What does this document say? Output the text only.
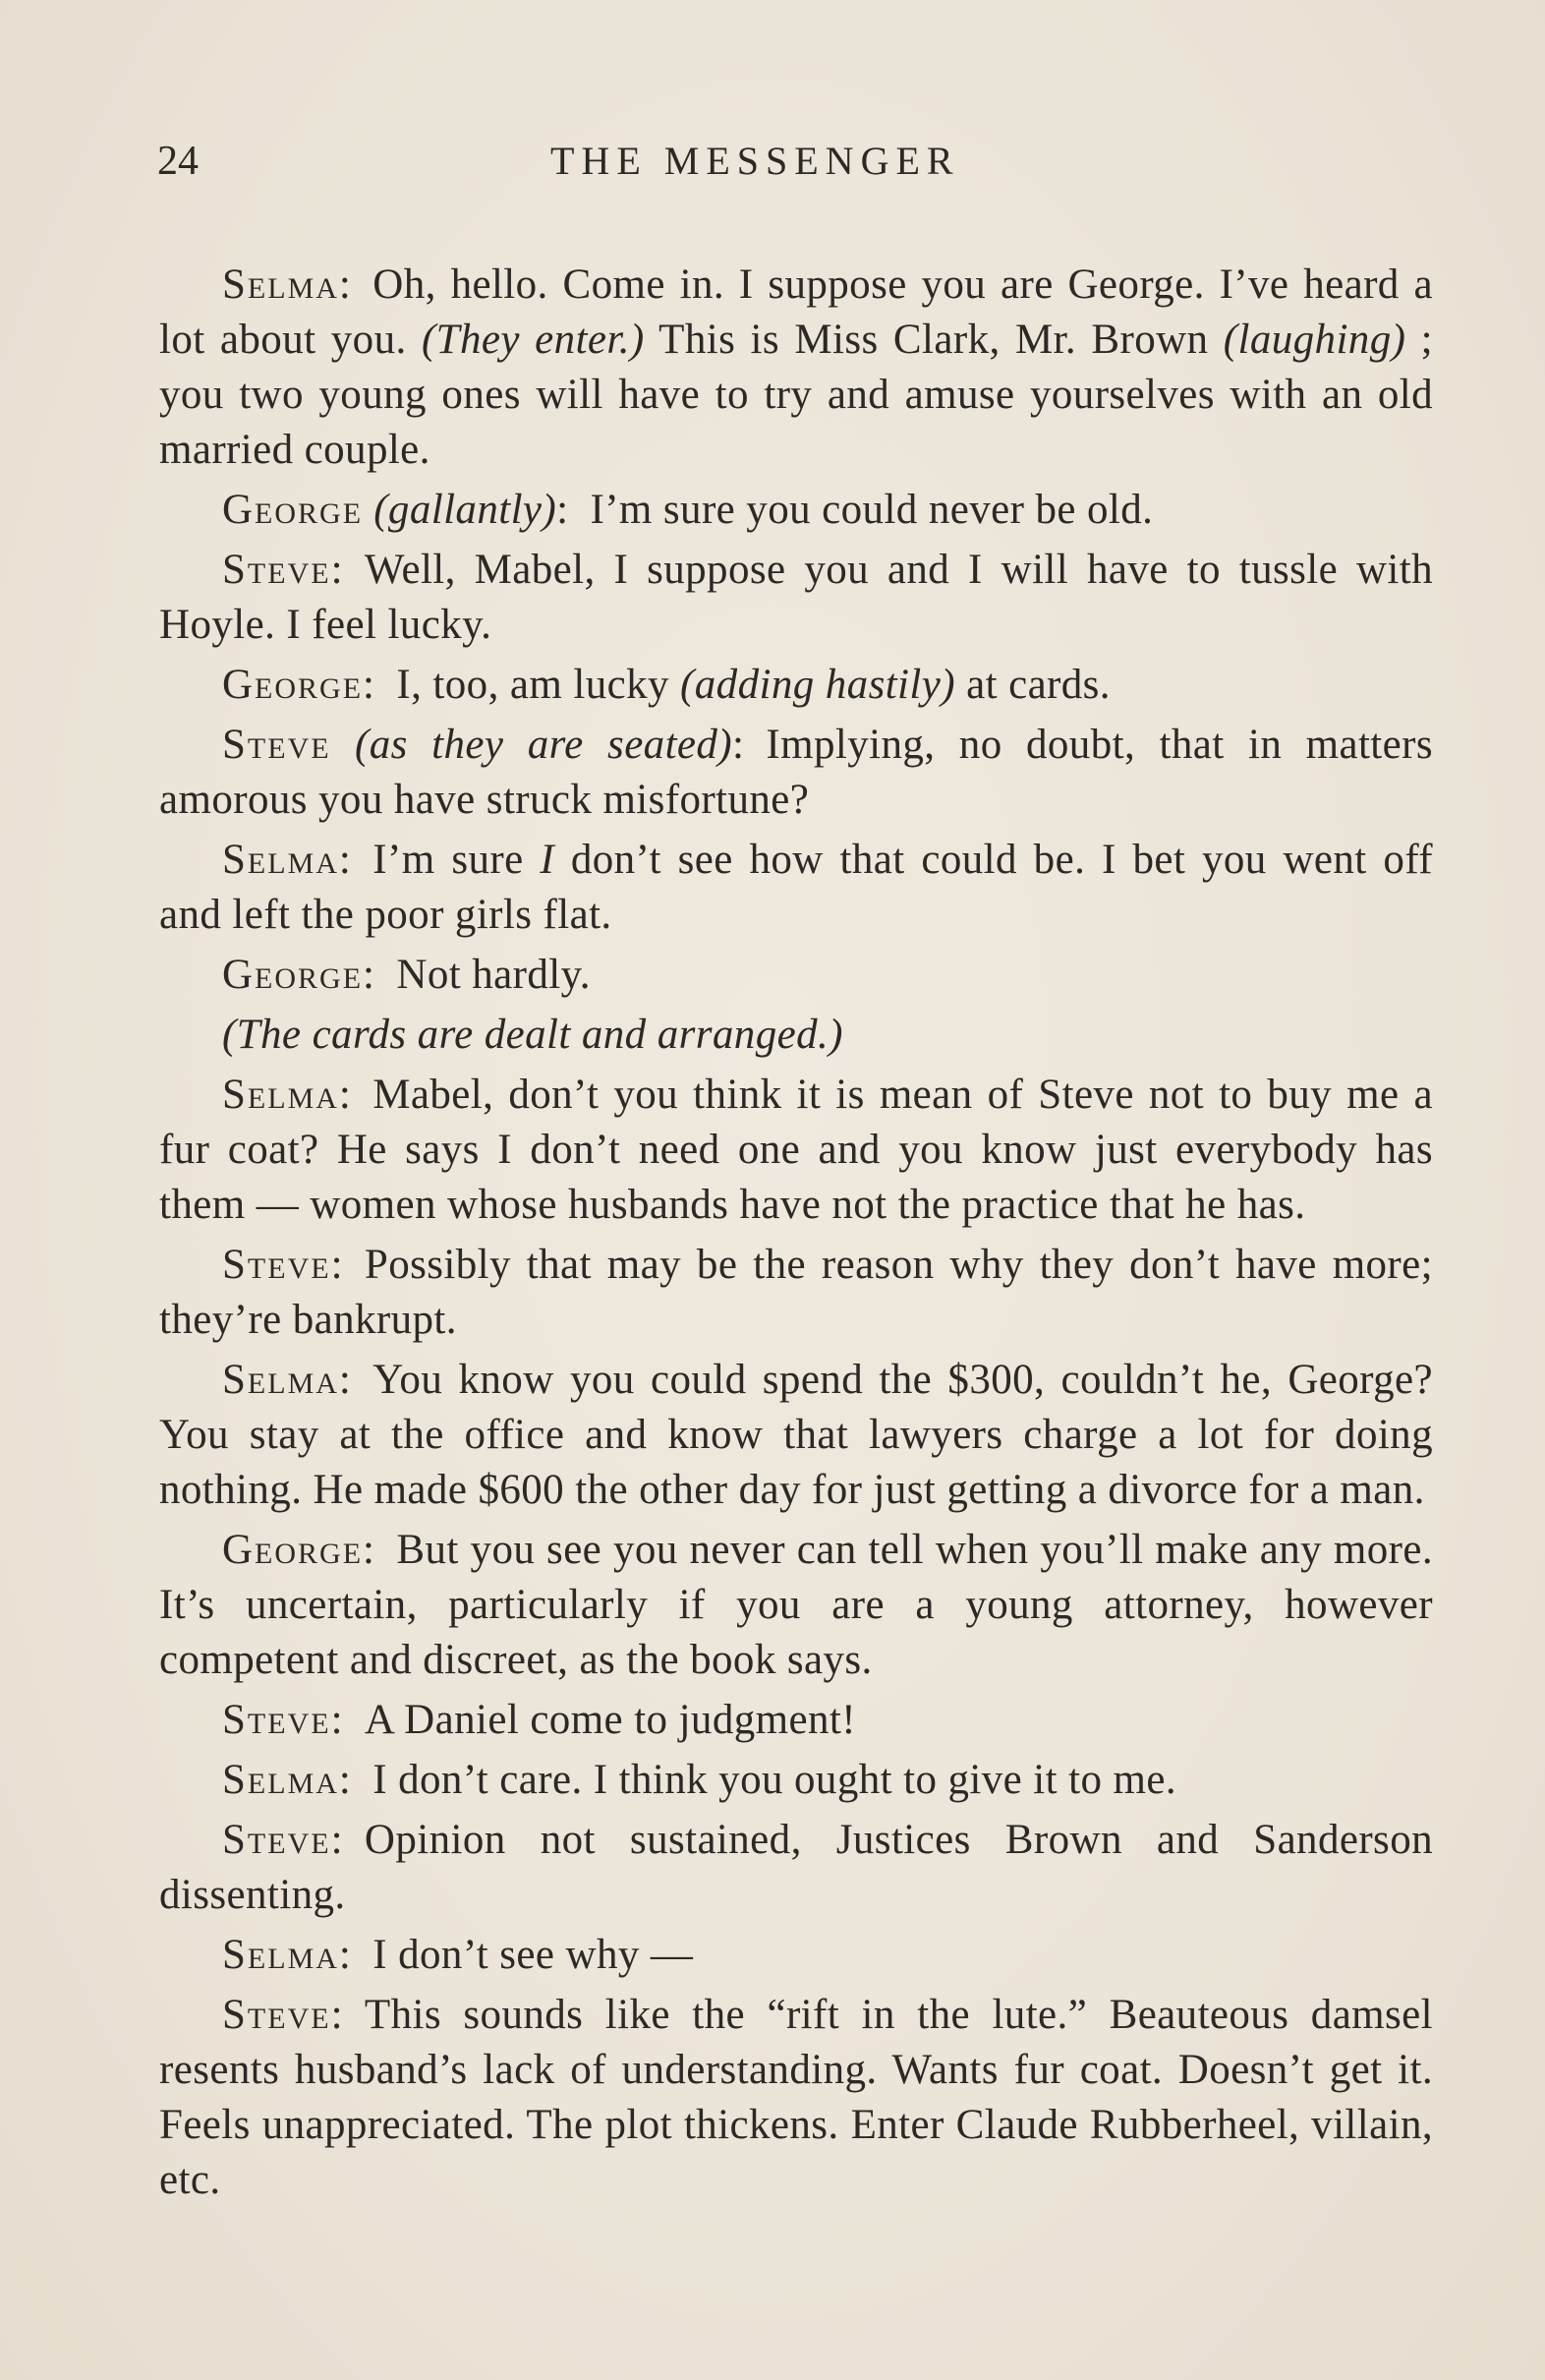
24	THE MESSENGER

Selma: Oh, hello. Come in. I suppose you are George. I’ve heard a lot about you. (They enter.) This is Miss Clark, Mr. Brown (laughing) ; you two young ones will have to try and amuse yourselves with an old married couple.

George (gallantly): I’m sure you could never be old.

Steve: Well, Mabel, I suppose you and I will have to tussle with Hoyle. I feel lucky.

George: I, too, am lucky (adding hastily) at cards.

Steve (as they are seated): Implying, no doubt, that in matters amorous you have struck misfortune?

Selma: I’m sure I don’t see how that could be. I bet you went off and left the poor girls flat.

George: Not hardly.

(The cards are dealt and arranged.)

Selma: Mabel, don’t you think it is mean of Steve not to buy me a fur coat? He says I don’t need one and you know just everybody has them — women whose husbands have not the practice that he has.

Steve: Possibly that may be the reason why they don’t have more; they’re bankrupt.

Selma: You know you could spend the $300, couldn’t he, George? You stay at the office and know that lawyers charge a lot for doing nothing. He made $600 the other day for just getting a divorce for a man.

George: But you see you never can tell when you’ll make any more. It’s uncertain, particularly if you are a young attorney, however competent and discreet, as the book says.

Steve: A Daniel come to judgment!

Selma: I don’t care. I think you ought to give it to me.

Steve: Opinion not sustained, Justices Brown and Sanderson dissenting.

Selma: I don’t see why —

Steve: This sounds like the “rift in the lute.” Beauteous damsel resents husband’s lack of understanding. Wants fur coat. Doesn’t get it. Feels unappreciated. The plot thickens. Enter Claude Rubberheel, villain, etc.
